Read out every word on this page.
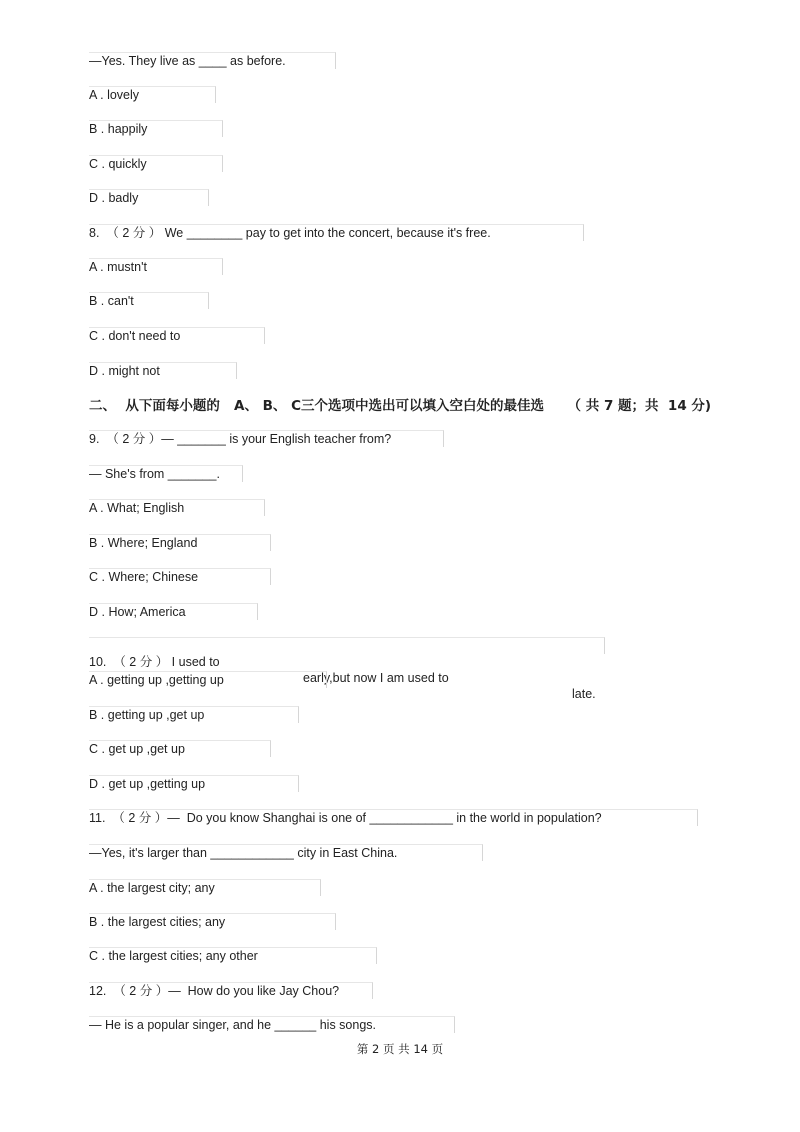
—Yes. They live as ____ as before.
A . lovely
B . happily
C . quickly
D . badly
8.  （ 2 分 ） We ________ pay to get into the concert, because it's free.
A . mustn't
B . can't
C . don't need to
D . might not
二、  从下面每小题的   A、 B、 C三个选项中选出可以填入空白处的最佳选     （ 共 7 题；共  14 分)
9.  （ 2 分 ）— _______ is your English teacher from?
— She's from _______.
A . What; English
B . Where; England
C . Where; Chinese
D . How; America

10.  （ 2 分 ） I used to

early,but now I am used to

late.

A . getting up ,getting up
B . getting up ,get up
C . get up ,get up
D . get up ,getting up
11.  （ 2 分 ）—  Do you know Shanghai is one of ____________ in the world in population?
—Yes, it's larger than ____________ city in East China.
A . the largest city; any
B . the largest cities; any
C . the largest cities; any other
12.  （ 2 分 ）—  How do you like Jay Chou?
— He is a popular singer, and he ______ his songs.
第 2 页 共 14 页
